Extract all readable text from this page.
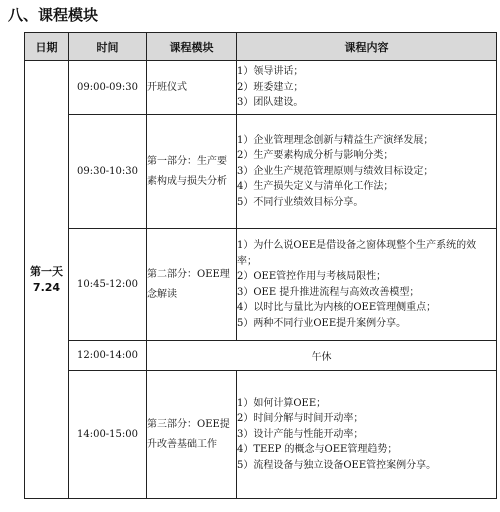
八、课程模块
日期	时间	课程模块	课程内容

第一天
7.24	09:00-09:30	开班仪式	1）领导讲话；
2）班委建立；
3）团队建设。

	09:30-10:30	第一部分：生产要素构成与损失分析	1）企业管理理念创新与精益生产演绎发展；
2）生产要素构成分析与影响分类；
3）企业生产规范管理原则与绩效目标设定；
4）生产损失定义与清单化工作法；
5）不同行业绩效目标分享。

	10:45-12:00	第二部分：OEE理念解读	1）为什么说OEE是借设备之窗体现整个生产系统的效率；
2）OEE管控作用与考核局限性；
3）OEE 提升推进流程与高效改善模型；
4）以时比与量比为内核的OEE管理侧重点；
5）两种不同行业OEE提升案例分享。

	12:00-14:00	午休	
	14:00-15:00	第三部分：OEE提升改善基础工作	1）如何计算OEE；
2）时间分解与时间开动率；
3）设计产能与性能开动率；
4）TEEP 的概念与OEE管理趋势；
5）流程设备与独立设备OEE管控案例分享。
